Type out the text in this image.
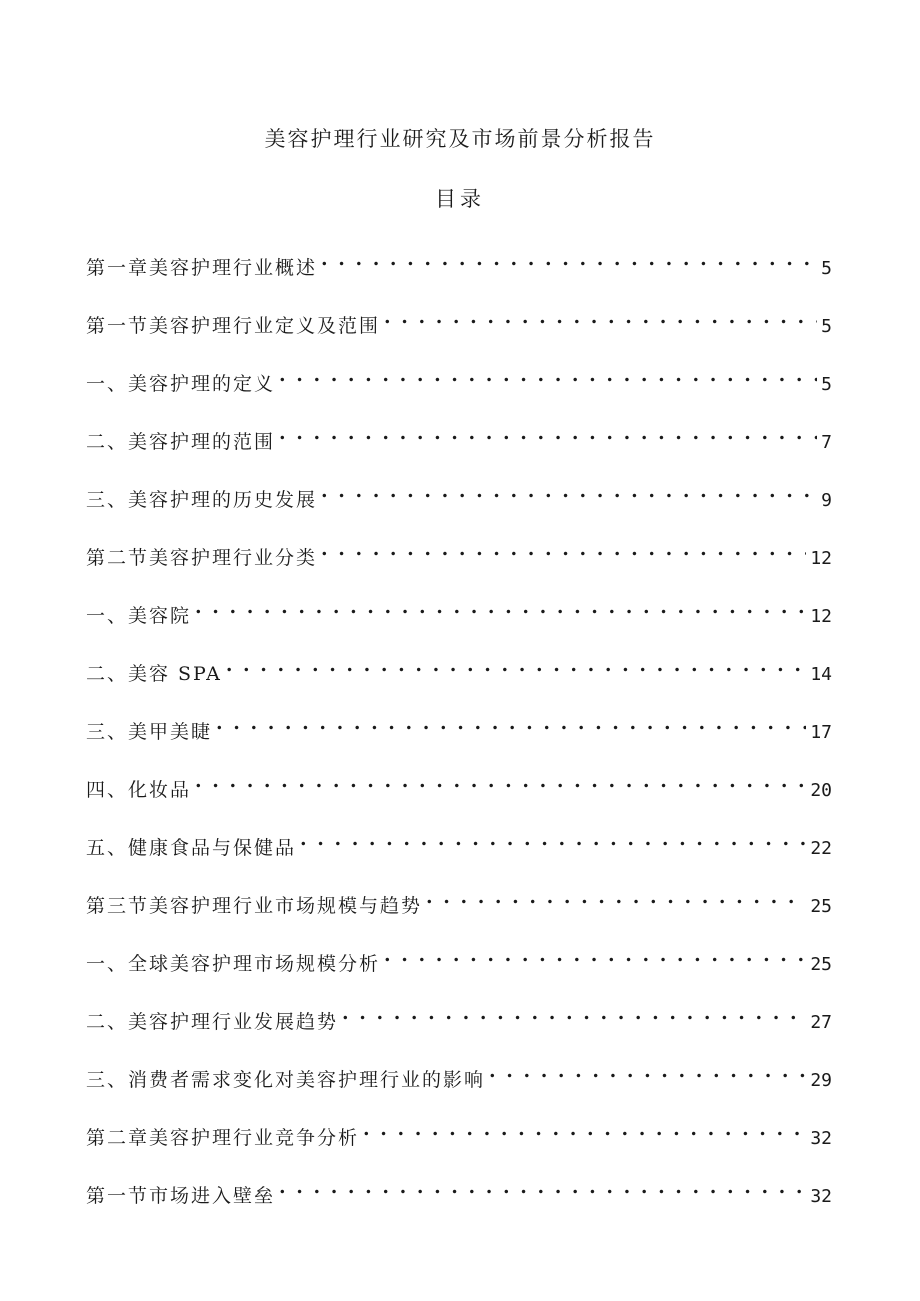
美容护理行业研究及市场前景分析报告
目录
第一章美容护理行业概述 . . .	5
第一节美容护理行业定义及范围 . . .	5
一、美容护理的定义 . . .	5
二、美容护理的范围 . . .	7
三、美容护理的历史发展 . . .	9
第二节美容护理行业分类 . . .	12
一、美容院 . . .	12
二、美容 SPA . . .	14
三、美甲美睫 . . .	17
四、化妆品 . . .	20
五、健康食品与保健品 . . .	22
第三节美容护理行业市场规模与趋势 . . .	25
一、全球美容护理市场规模分析 . . .	25
二、美容护理行业发展趋势 . . .	27
三、消费者需求变化对美容护理行业的影响 . . .	29
第二章美容护理行业竞争分析 . . .	32
第一节市场进入壁垒 . . .	32
